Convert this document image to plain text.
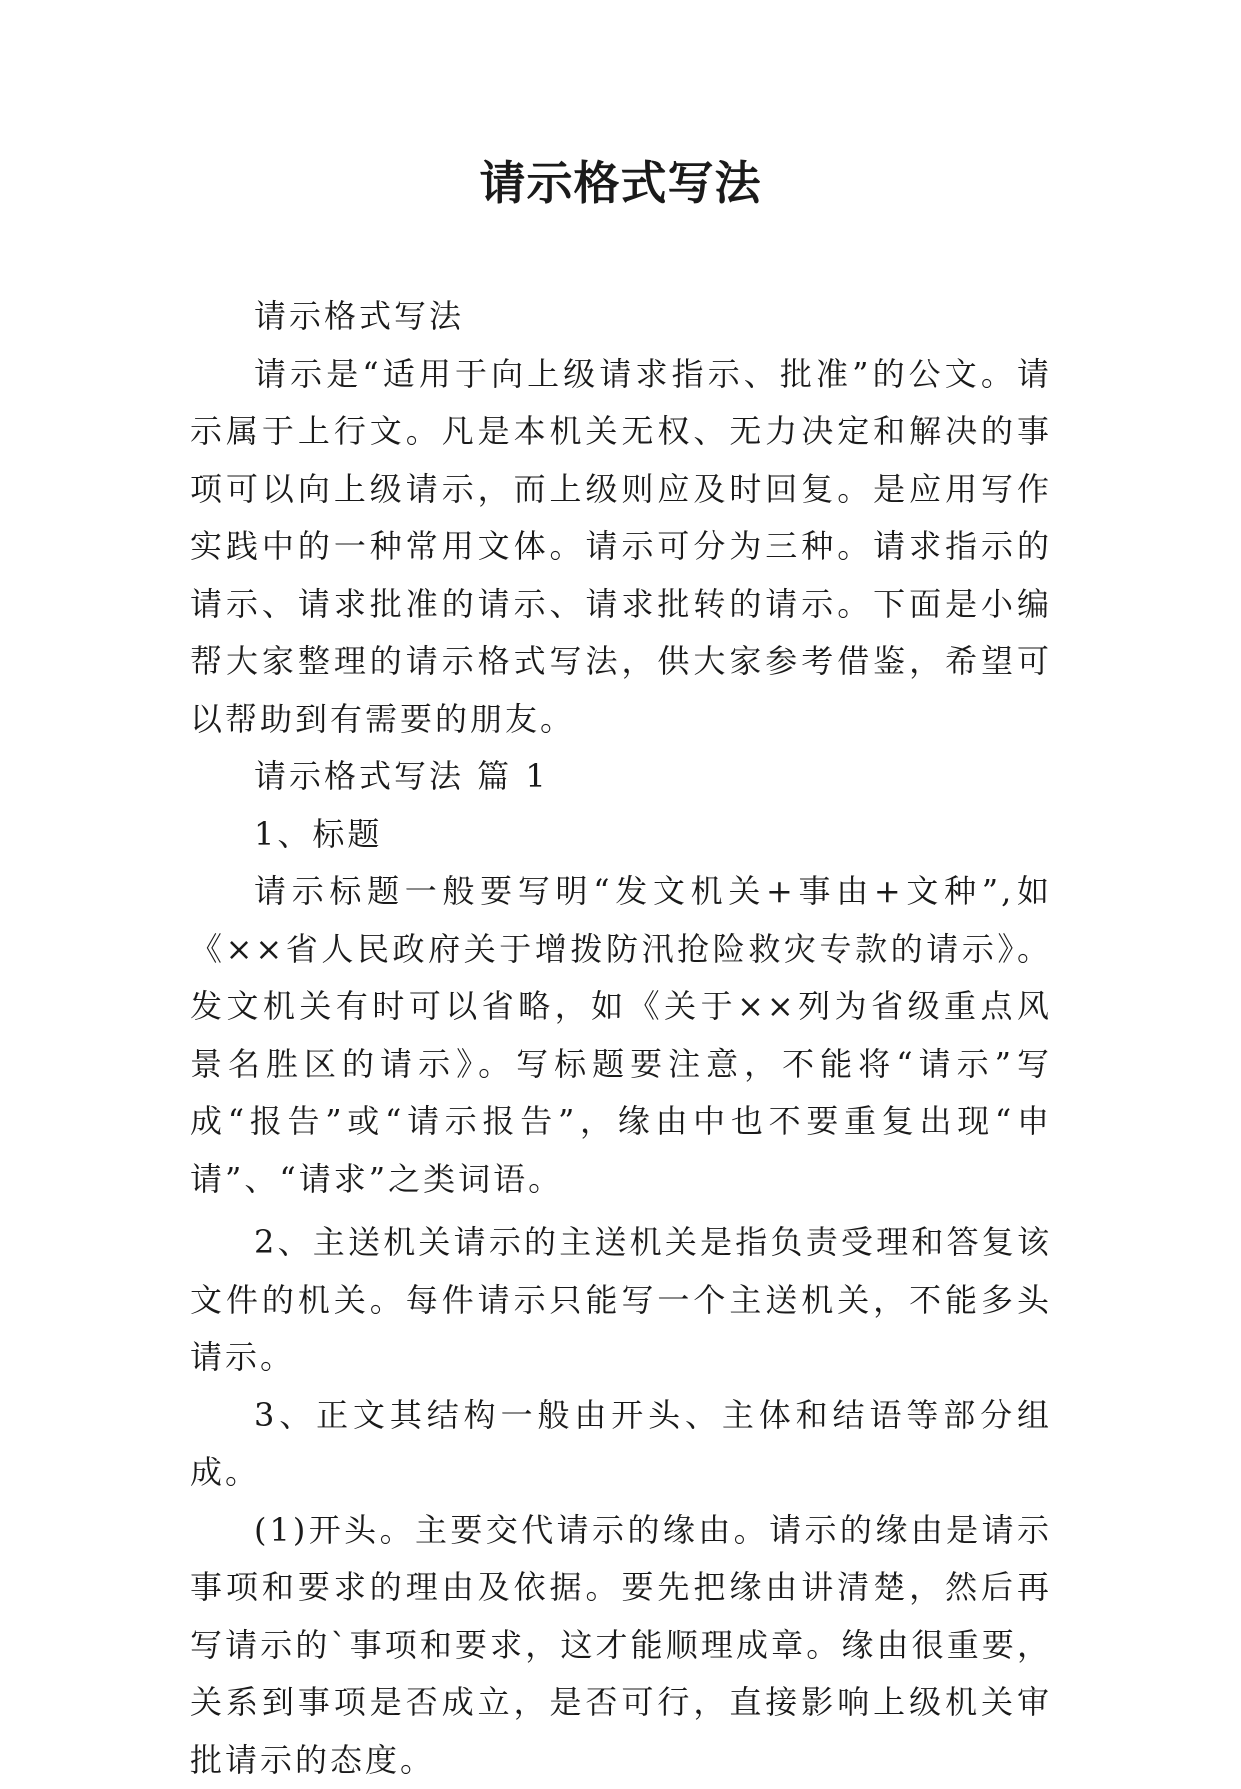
请示格式写法

请示格式写法

请示是“适用于向上级请求指示、批准”的公文。请示属于上行文。凡是本机关无权、无力决定和解决的事项可以向上级请示，而上级则应及时回复。是应用写作实践中的一种常用文体。请示可分为三种。请求指示的请示、请求批准的请示、请求批转的请示。下面是小编帮大家整理的请示格式写法，供大家参考借鉴，希望可以帮助到有需要的朋友。

请示格式写法 篇 1

1、标题

请示标题一般要写明“发文机关+事由+文种”,如《××省人民政府关于增拨防汛抢险救灾专款的请示》。发文机关有时可以省略，如《关于××列为省级重点风景名胜区的请示》。写标题要注意，不能将“请示”写成“报告”或“请示报告”，缘由中也不要重复出现“申请”、“请求”之类词语。

2、主送机关请示的主送机关是指负责受理和答复该文件的机关。每件请示只能写一个主送机关，不能多头请示。

3、正文其结构一般由开头、主体和结语等部分组成。

(1)开头。主要交代请示的缘由。请示的缘由是请示事项和要求的理由及依据。要先把缘由讲清楚，然后再写请示的`事项和要求，这才能顺理成章。缘由很重要，关系到事项是否成立，是否可行，直接影响上级机关审批请示的态度。
